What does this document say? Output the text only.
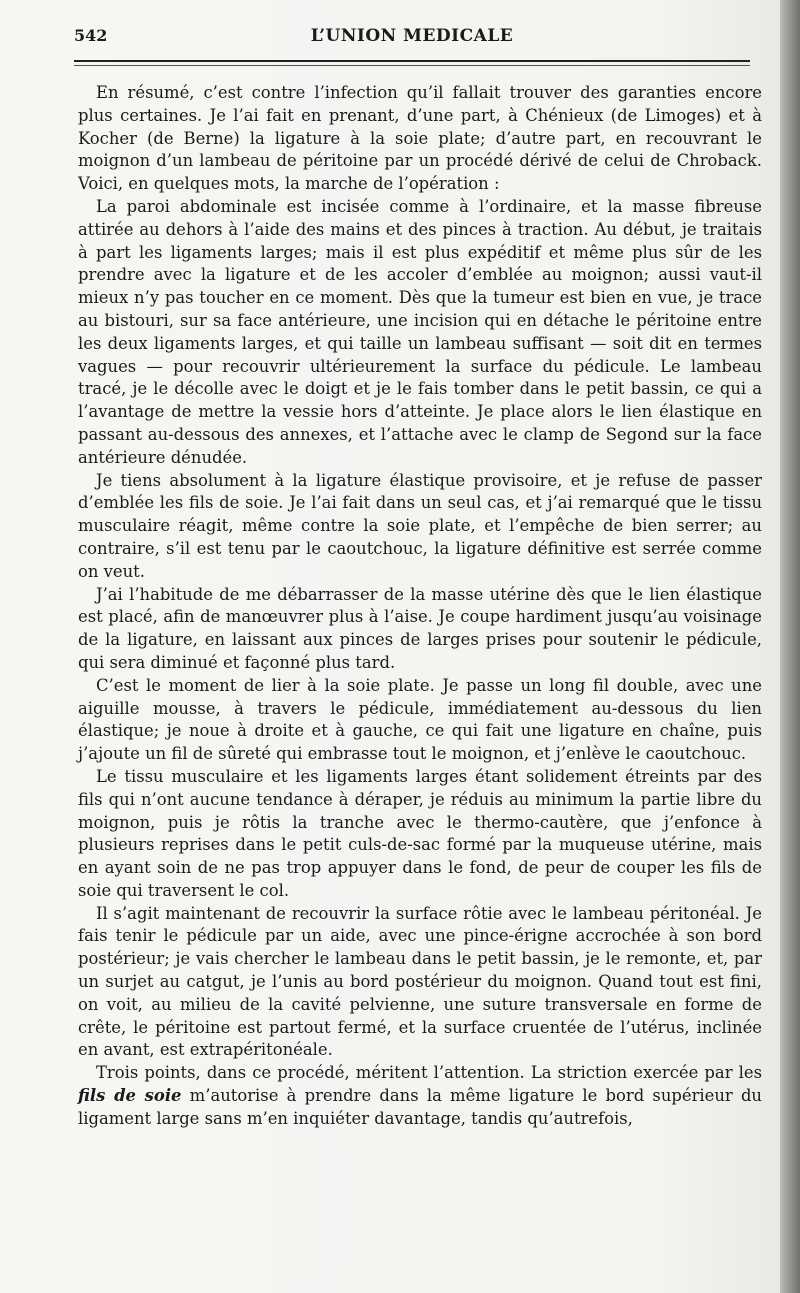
542	L’UNION MEDICALE

En résumé, c’est contre l’infection qu’il fallait trouver des garanties encore plus certaines. Je l’ai fait en prenant, d’une part, à Chénieux (de Limoges) et à Kocher (de Berne) la ligature à la soie plate; d’autre part, en recouvrant le moignon d’un lambeau de péritoine par un procédé dérivé de celui de Chroback. Voici, en quelques mots, la marche de l’opération :

La paroi abdominale est incisée comme à l’ordinaire, et la masse fibreuse attirée au dehors à l’aide des mains et des pinces à traction. Au début, je traitais à part les ligaments larges; mais il est plus expéditif et même plus sûr de les prendre avec la ligature et de les accoler d’emblée au moignon; aussi vaut-il mieux n’y pas toucher en ce moment. Dès que la tumeur est bien en vue, je trace au bistouri, sur sa face antérieure, une incision qui en détache le péritoine entre les deux ligaments larges, et qui taille un lambeau suffisant — soit dit en termes vagues — pour recouvrir ultérieurement la surface du pédicule. Le lambeau tracé, je le décolle avec le doigt et je le fais tomber dans le petit bassin, ce qui a l’avantage de mettre la vessie hors d’atteinte. Je place alors le lien élastique en passant au-dessous des annexes, et l’attache avec le clamp de Segond sur la face antérieure dénudée.

Je tiens absolument à la ligature élastique provisoire, et je refuse de passer d’emblée les fils de soie. Je l’ai fait dans un seul cas, et j’ai remarqué que le tissu musculaire réagit, même contre la soie plate, et l’empêche de bien serrer; au contraire, s’il est tenu par le caoutchouc, la ligature définitive est serrée comme on veut.

J’ai l’habitude de me débarrasser de la masse utérine dès que le lien élastique est placé, afin de manœuvrer plus à l’aise. Je coupe hardiment jusqu’au voisinage de la ligature, en laissant aux pinces de larges prises pour soutenir le pédicule, qui sera diminué et façonné plus tard.

C’est le moment de lier à la soie plate. Je passe un long fil double, avec une aiguille mousse, à travers le pédicule, immédiatement au-dessous du lien élastique; je noue à droite et à gauche, ce qui fait une ligature en chaîne, puis j’ajoute un fil de sûreté qui embrasse tout le moignon, et j’enlève le caoutchouc.

Le tissu musculaire et les ligaments larges étant solidement étreints par des fils qui n’ont aucune tendance à déraper, je réduis au minimum la partie libre du moignon, puis je rôtis la tranche avec le thermo-cautère, que j’enfonce à plusieurs reprises dans le petit culs-de-sac formé par la muqueuse utérine, mais en ayant soin de ne pas trop appuyer dans le fond, de peur de couper les fils de soie qui traversent le col.

Il s’agit maintenant de recouvrir la surface rôtie avec le lambeau péritonéal. Je fais tenir le pédicule par un aide, avec une pince-érigne accrochée à son bord postérieur; je vais chercher le lambeau dans le petit bassin, je le remonte, et, par un surjet au catgut, je l’unis au bord postérieur du moignon. Quand tout est fini, on voit, au milieu de la cavité pelvienne, une suture transversale en forme de crête, le péritoine est partout fermé, et la surface cruentée de l’utérus, inclinée en avant, est extrapéritonéale.

Trois points, dans ce procédé, méritent l’attention. La striction exercée par les fils de soie m’autorise à prendre dans la même ligature le bord supérieur du ligament large sans m’en inquiéter davantage, tandis qu’autrefois,
